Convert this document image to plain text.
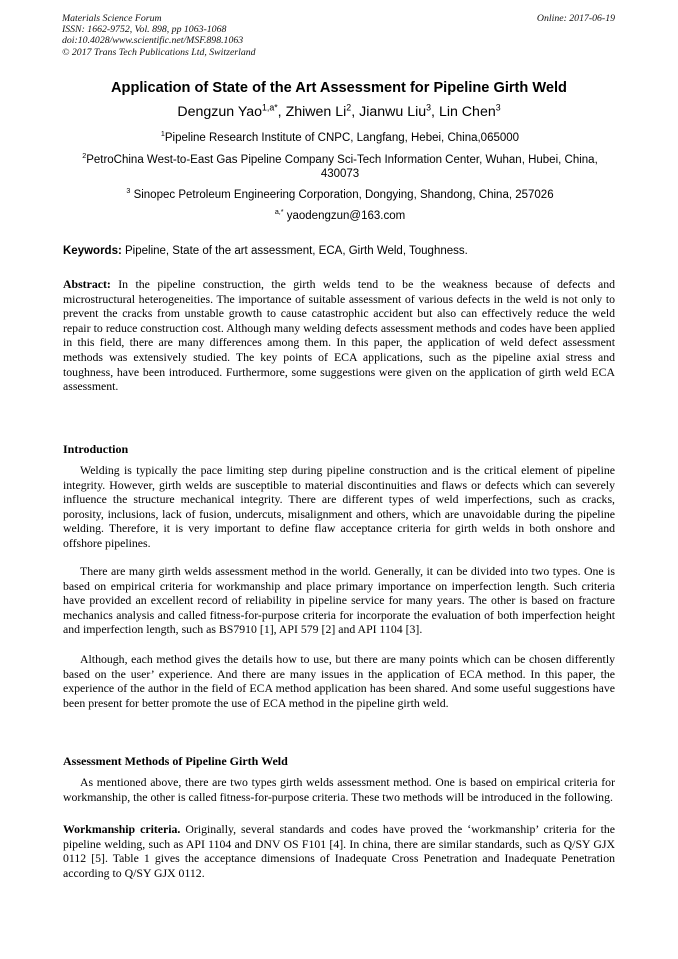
Materials Science Forum
ISSN: 1662-9752, Vol. 898, pp 1063-1068
doi:10.4028/www.scientific.net/MSF.898.1063
© 2017 Trans Tech Publications Ltd, Switzerland
Online: 2017-06-19
Application of State of the Art Assessment for Pipeline Girth Weld
Dengzun Yao$^{1,a*}$, Zhiwen Li$^2$, Jianwu Liu$^3$, Lin Chen$^3$
$^1$Pipeline Research Institute of CNPC, Langfang, Hebei, China,065000
$^2$PetroChina West-to-East Gas Pipeline Company Sci-Tech Information Center, Wuhan, Hubei, China, 430073
$^3$ Sinopec Petroleum Engineering Corporation, Dongying, Shandong, China, 257026
$^{a,*}$ yaodengzun@163.com
Keywords: Pipeline, State of the art assessment, ECA, Girth Weld, Toughness.
Abstract: In the pipeline construction, the girth welds tend to be the weakness because of defects and microstructural heterogeneities. The importance of suitable assessment of various defects in the weld is not only to prevent the cracks from unstable growth to cause catastrophic accident but also can effectively reduce the weld repair to reduce construction cost. Although many welding defects assessment methods and codes have been applied in this field, there are many differences among them. In this paper, the application of weld defect assessment methods was extensively studied. The key points of ECA applications, such as the pipeline axial stress and toughness, have been introduced. Furthermore, some suggestions were given on the application of girth weld ECA assessment.
Introduction
Welding is typically the pace limiting step during pipeline construction and is the critical element of pipeline integrity. However, girth welds are susceptible to material discontinuities and flaws or defects which can severely influence the structure mechanical integrity. There are different types of weld imperfections, such as cracks, porosity, inclusions, lack of fusion, undercuts, misalignment and others, which are unavoidable during the pipeline welding. Therefore, it is very important to define flaw acceptance criteria for girth welds in both onshore and offshore pipelines.
There are many girth welds assessment method in the world. Generally, it can be divided into two types. One is based on empirical criteria for workmanship and place primary importance on imperfection length. Such criteria have provided an excellent record of reliability in pipeline service for many years. The other is based on fracture mechanics analysis and called fitness-for-purpose criteria for incorporate the evaluation of both imperfection height and imperfection length, such as BS7910 [1], API 579 [2] and API 1104 [3].
Although, each method gives the details how to use, but there are many points which can be chosen differently based on the user’ experience. And there are many issues in the application of ECA method. In this paper, the experience of the author in the field of ECA method application has been shared. And some useful suggestions have been present for better promote the use of ECA method in the pipeline girth weld.
Assessment Methods of Pipeline Girth Weld
As mentioned above, there are two types girth welds assessment method. One is based on empirical criteria for workmanship, the other is called fitness-for-purpose criteria. These two methods will be introduced in the following.
Workmanship criteria. Originally, several standards and codes have proved the ‘workmanship’ criteria for the pipeline welding, such as API 1104 and DNV OS F101 [4]. In china, there are similar standards, such as Q/SY GJX 0112 [5]. Table 1 gives the acceptance dimensions of Inadequate Cross Penetration and Inadequate Penetration according to Q/SY GJX 0112.
